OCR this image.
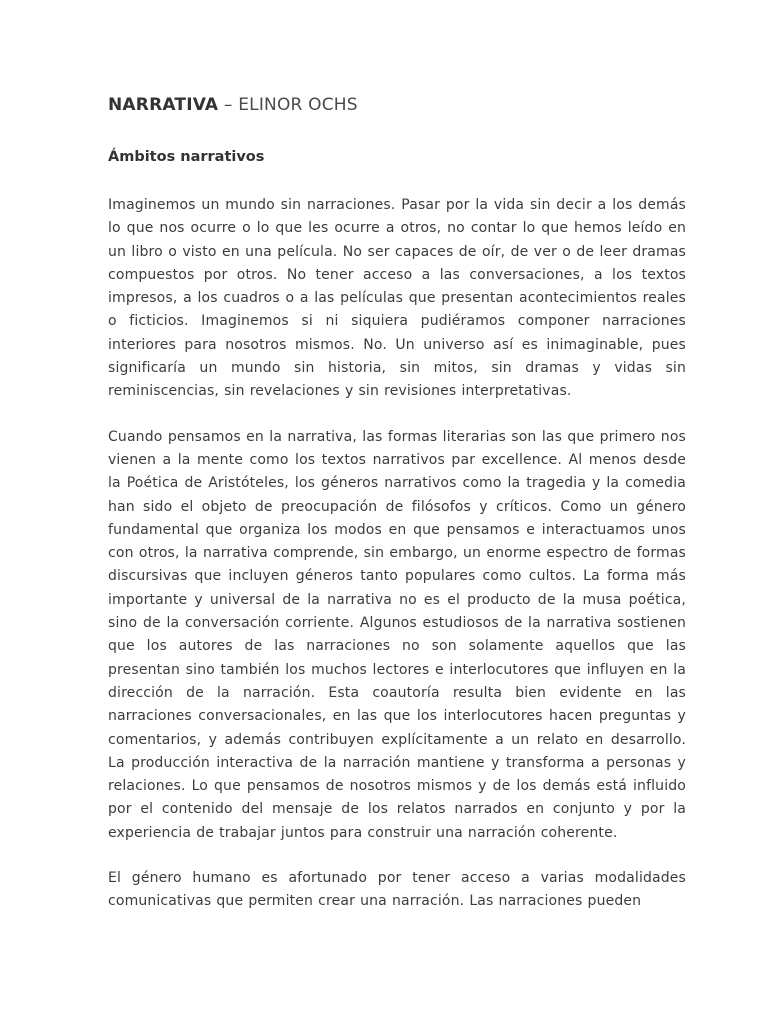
NARRATIVA – ELINOR OCHS
Ámbitos narrativos

Imaginemos un mundo sin narraciones. Pasar por la vida sin decir a los demás lo que nos ocurre o lo que les ocurre a otros, no contar lo que hemos leído en un libro o visto en una película. No ser capaces de oír, de ver o de leer dramas compuestos por otros. No tener acceso a las conversaciones, a los textos impresos, a los cuadros o a las películas que presentan acontecimientos reales o ficticios. Imaginemos si ni siquiera pudiéramos componer narraciones interiores para nosotros mismos. No. Un universo así es inimaginable, pues significaría un mundo sin historia, sin mitos, sin dramas y vidas sin reminiscencias, sin revelaciones y sin revisiones interpretativas.

Cuando pensamos en la narrativa, las formas literarias son las que primero nos vienen a la mente como los textos narrativos par excellence. Al menos desde la Poética de Aristóteles, los géneros narrativos como la tragedia y la comedia han sido el objeto de preocupación de filósofos y críticos. Como un género fundamental que organiza los modos en que pensamos e interactuamos unos con otros, la narrativa comprende, sin embargo, un enorme espectro de formas discursivas que incluyen géneros tanto populares como cultos. La forma más importante y universal de la narrativa no es el producto de la musa poética, sino de la conversación corriente. Algunos estudiosos de la narrativa sostienen que los autores de las narraciones no son solamente aquellos que las presentan sino también los muchos lectores e interlocutores que influyen en la dirección de la narración. Esta coautoría resulta bien evidente en las narraciones conversacionales, en las que los interlocutores hacen preguntas y comentarios, y además contribuyen explícitamente a un relato en desarrollo. La producción interactiva de la narración mantiene y transforma a personas y relaciones. Lo que pensamos de nosotros mismos y de los demás está influido por el contenido del mensaje de los relatos narrados en conjunto y por la experiencia de trabajar juntos para construir una narración coherente.

El género humano es afortunado por tener acceso a varias modalidades comunicativas que permiten crear una narración. Las narraciones pueden
